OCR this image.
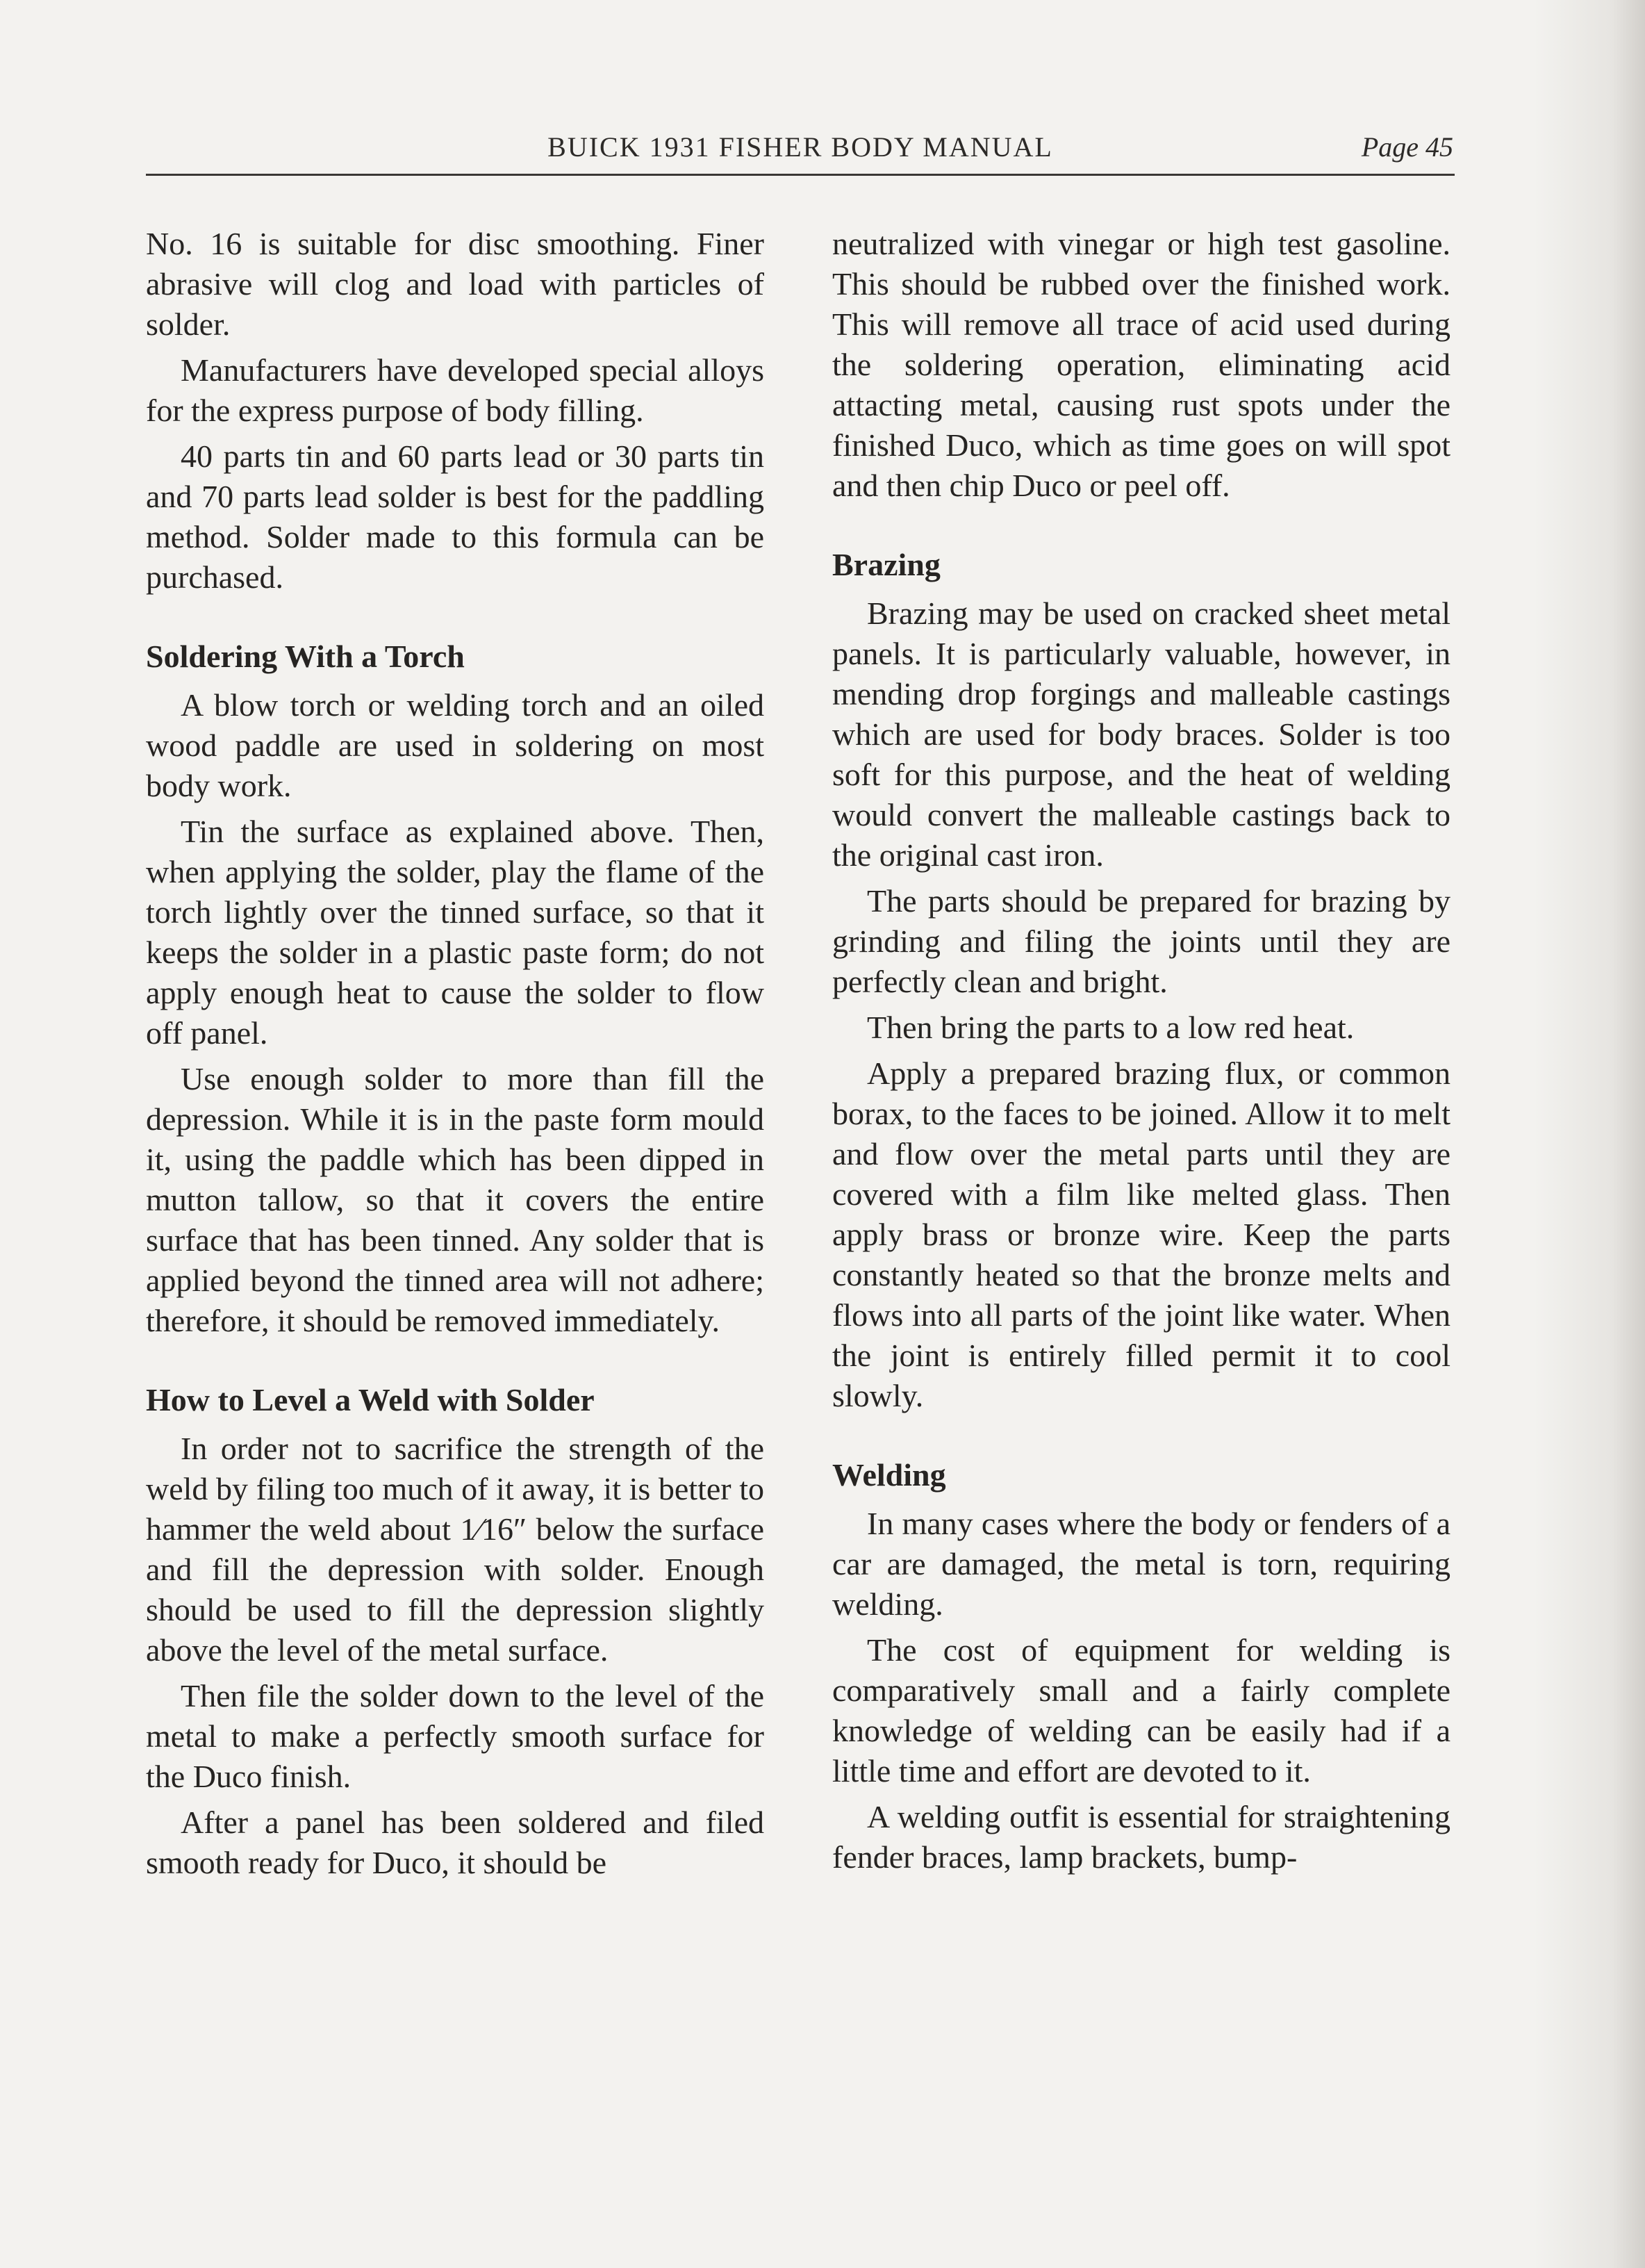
BUICK 1931 FISHER BODY MANUAL	Page 45

No. 16 is suitable for disc smoothing. Finer abrasive will clog and load with particles of solder.

Manufacturers have developed special alloys for the express purpose of body filling.

40 parts tin and 60 parts lead or 30 parts tin and 70 parts lead solder is best for the paddling method. Solder made to this formula can be purchased.

Soldering With a Torch

A blow torch or welding torch and an oiled wood paddle are used in soldering on most body work.

Tin the surface as explained above. Then, when applying the solder, play the flame of the torch lightly over the tinned surface, so that it keeps the solder in a plastic paste form; do not apply enough heat to cause the solder to flow off panel.

Use enough solder to more than fill the depression. While it is in the paste form mould it, using the paddle which has been dipped in mutton tallow, so that it covers the entire surface that has been tinned. Any solder that is applied beyond the tinned area will not adhere; therefore, it should be removed immediately.

How to Level a Weld with Solder

In order not to sacrifice the strength of the weld by filing too much of it away, it is better to hammer the weld about 1⁄16″ below the surface and fill the depression with solder. Enough should be used to fill the depression slightly above the level of the metal surface.

Then file the solder down to the level of the metal to make a perfectly smooth surface for the Duco finish.

After a panel has been soldered and filed smooth ready for Duco, it should be

neutralized with vinegar or high test gasoline. This should be rubbed over the finished work. This will remove all trace of acid used during the soldering operation, eliminating acid attacting metal, causing rust spots under the finished Duco, which as time goes on will spot and then chip Duco or peel off.

Brazing

Brazing may be used on cracked sheet metal panels. It is particularly valuable, however, in mending drop forgings and malleable castings which are used for body braces. Solder is too soft for this purpose, and the heat of welding would convert the malleable castings back to the original cast iron.

The parts should be prepared for brazing by grinding and filing the joints until they are perfectly clean and bright.

Then bring the parts to a low red heat.

Apply a prepared brazing flux, or common borax, to the faces to be joined. Allow it to melt and flow over the metal parts until they are covered with a film like melted glass. Then apply brass or bronze wire. Keep the parts constantly heated so that the bronze melts and flows into all parts of the joint like water. When the joint is entirely filled permit it to cool slowly.

Welding

In many cases where the body or fenders of a car are damaged, the metal is torn, requiring welding.

The cost of equipment for welding is comparatively small and a fairly complete knowledge of welding can be easily had if a little time and effort are devoted to it.

A welding outfit is essential for straightening fender braces, lamp brackets, bump-
